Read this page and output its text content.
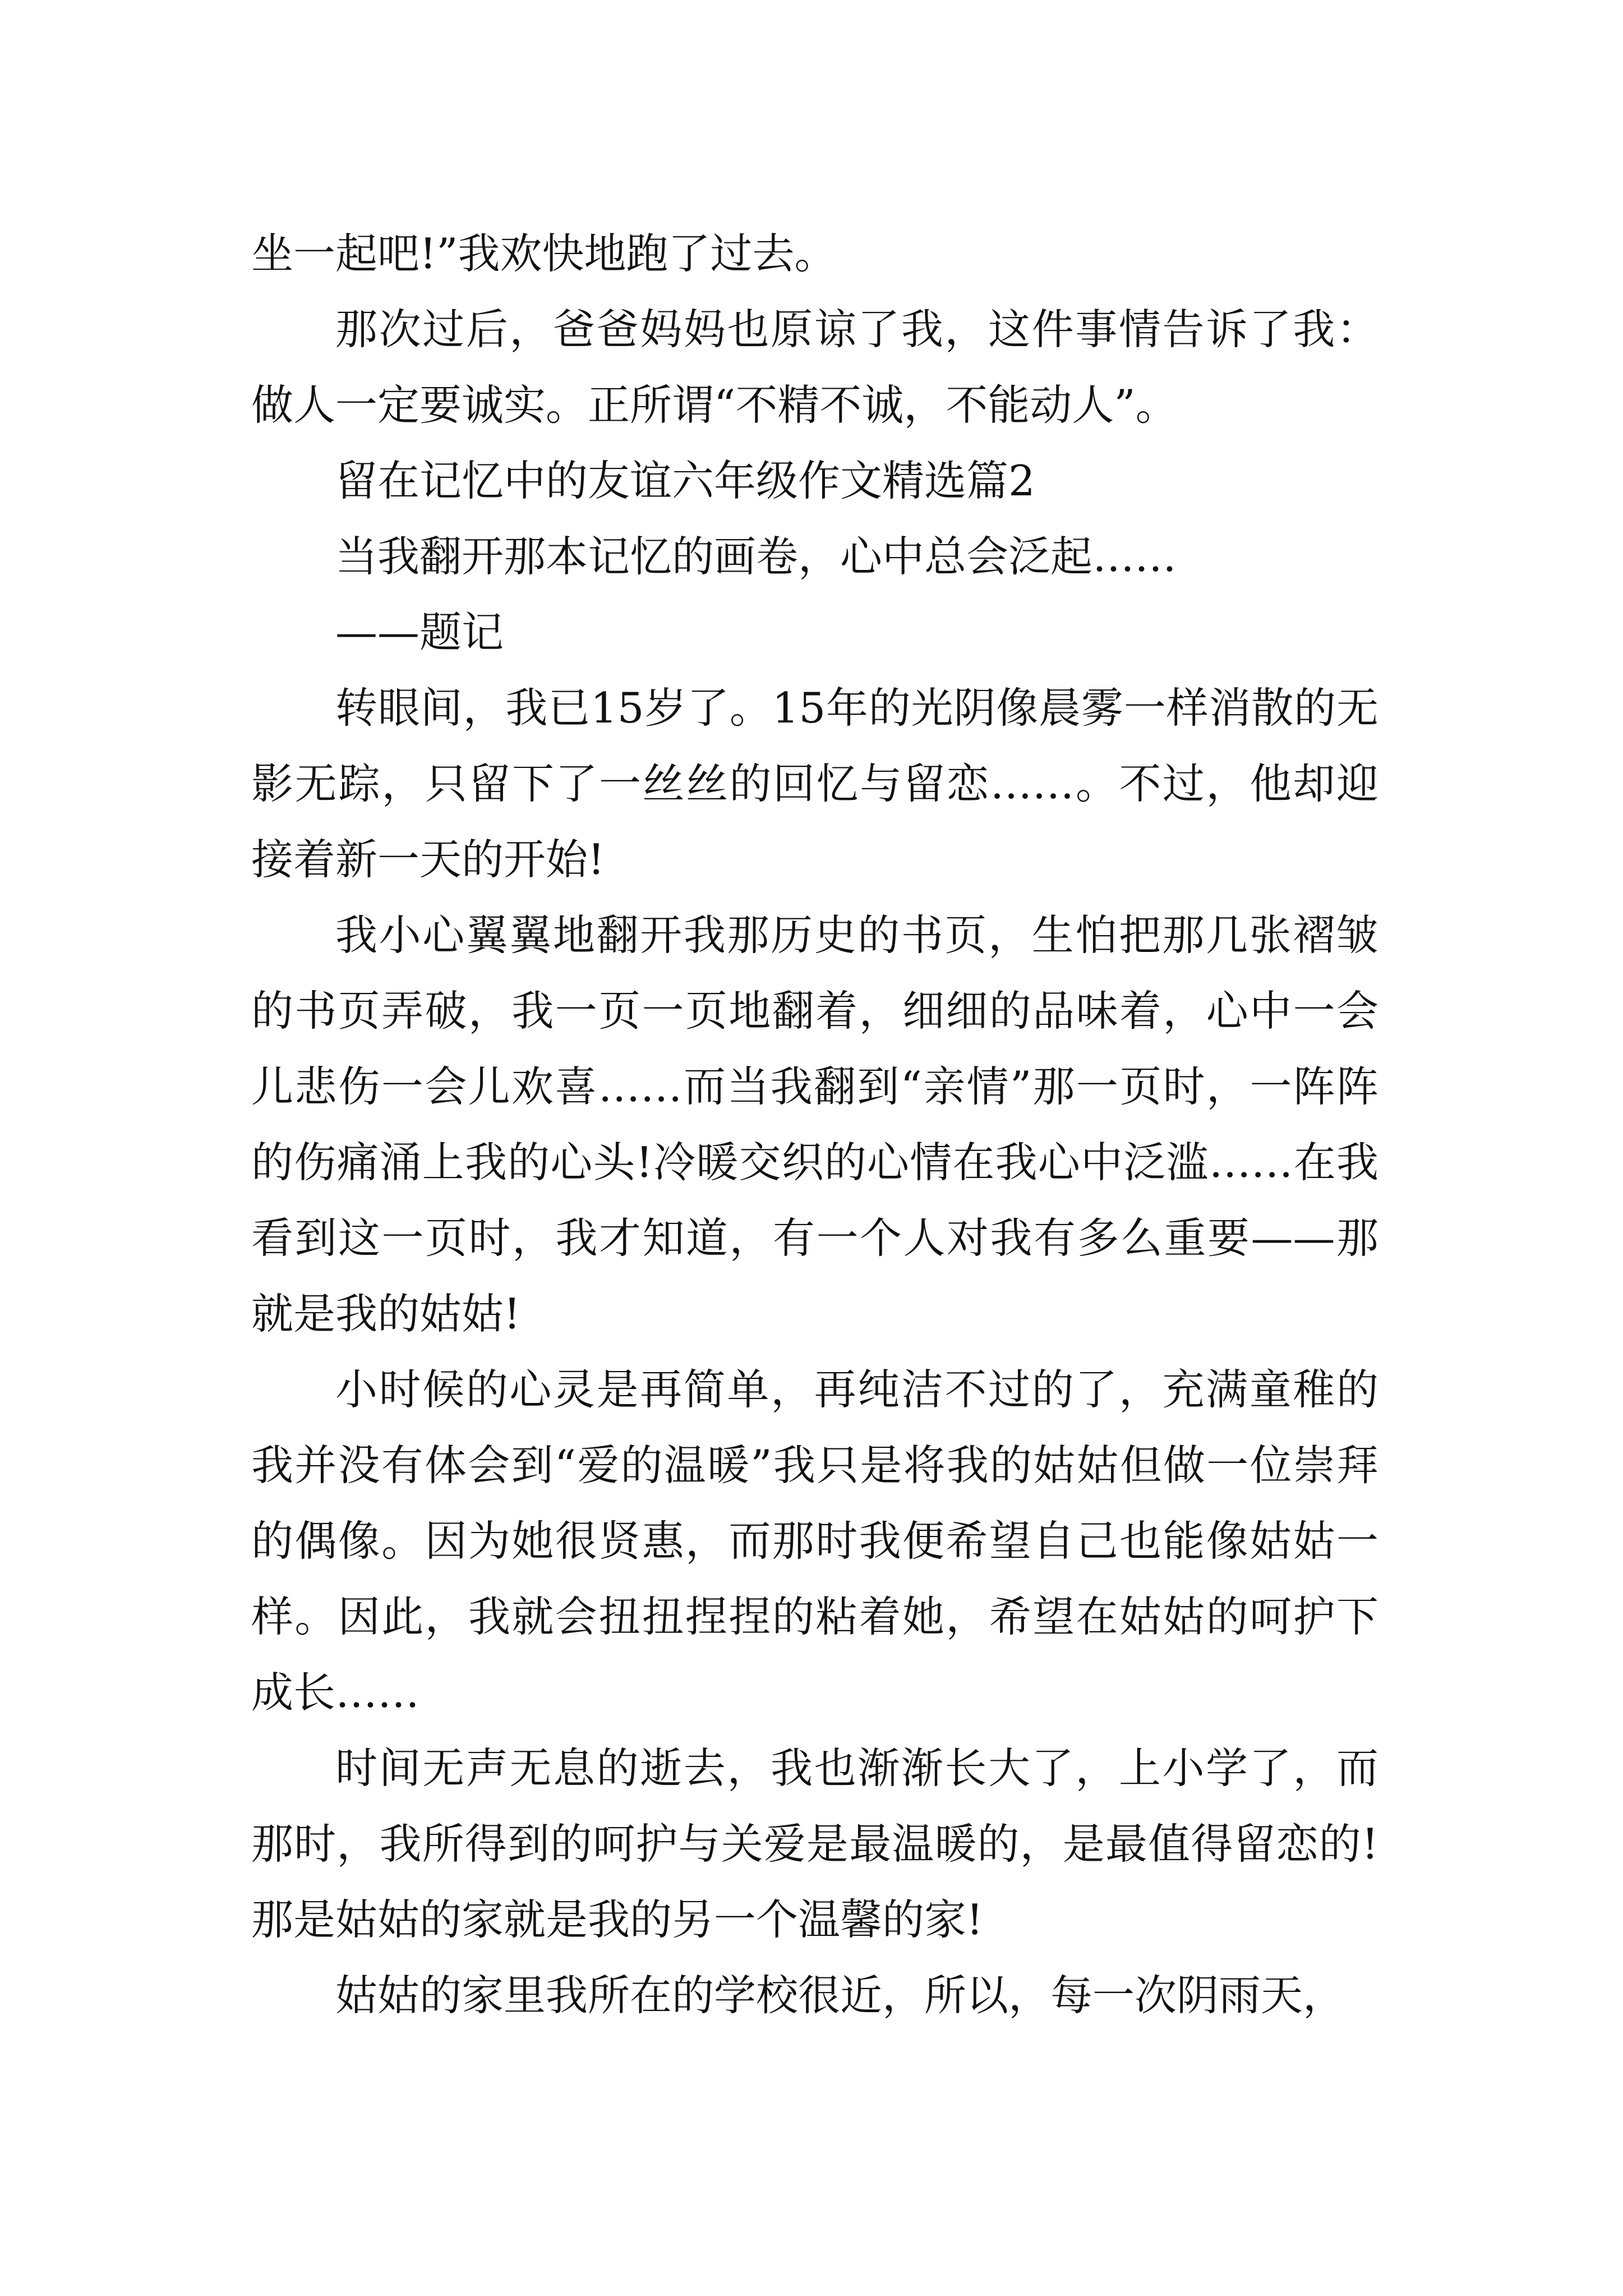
坐一起吧!”我欢快地跑了过去。

那次过后，爸爸妈妈也原谅了我，这件事情告诉了我：做人一定要诚实。正所谓“不精不诚，不能动人”。

留在记忆中的友谊六年级作文精选篇2

当我翻开那本记忆的画卷，心中总会泛起……

——题记

转眼间，我已15岁了。15年的光阴像晨雾一样消散的无影无踪，只留下了一丝丝的回忆与留恋……。不过，他却迎接着新一天的开始!

我小心翼翼地翻开我那历史的书页，生怕把那几张褶皱的书页弄破，我一页一页地翻着，细细的品味着，心中一会儿悲伤一会儿欢喜……而当我翻到“亲情”那一页时，一阵阵的伤痛涌上我的心头!冷暖交织的心情在我心中泛滥……在我看到这一页时，我才知道，有一个人对我有多么重要——那就是我的姑姑!

小时候的心灵是再简单，再纯洁不过的了，充满童稚的我并没有体会到“爱的温暖”我只是将我的姑姑但做一位崇拜的偶像。因为她很贤惠，而那时我便希望自己也能像姑姑一样。因此，我就会扭扭捏捏的粘着她，希望在姑姑的呵护下成长……

时间无声无息的逝去，我也渐渐长大了，上小学了，而那时，我所得到的呵护与关爱是最温暖的，是最值得留恋的!那是姑姑的家就是我的另一个温馨的家!

姑姑的家里我所在的学校很近，所以，每一次阴雨天，
